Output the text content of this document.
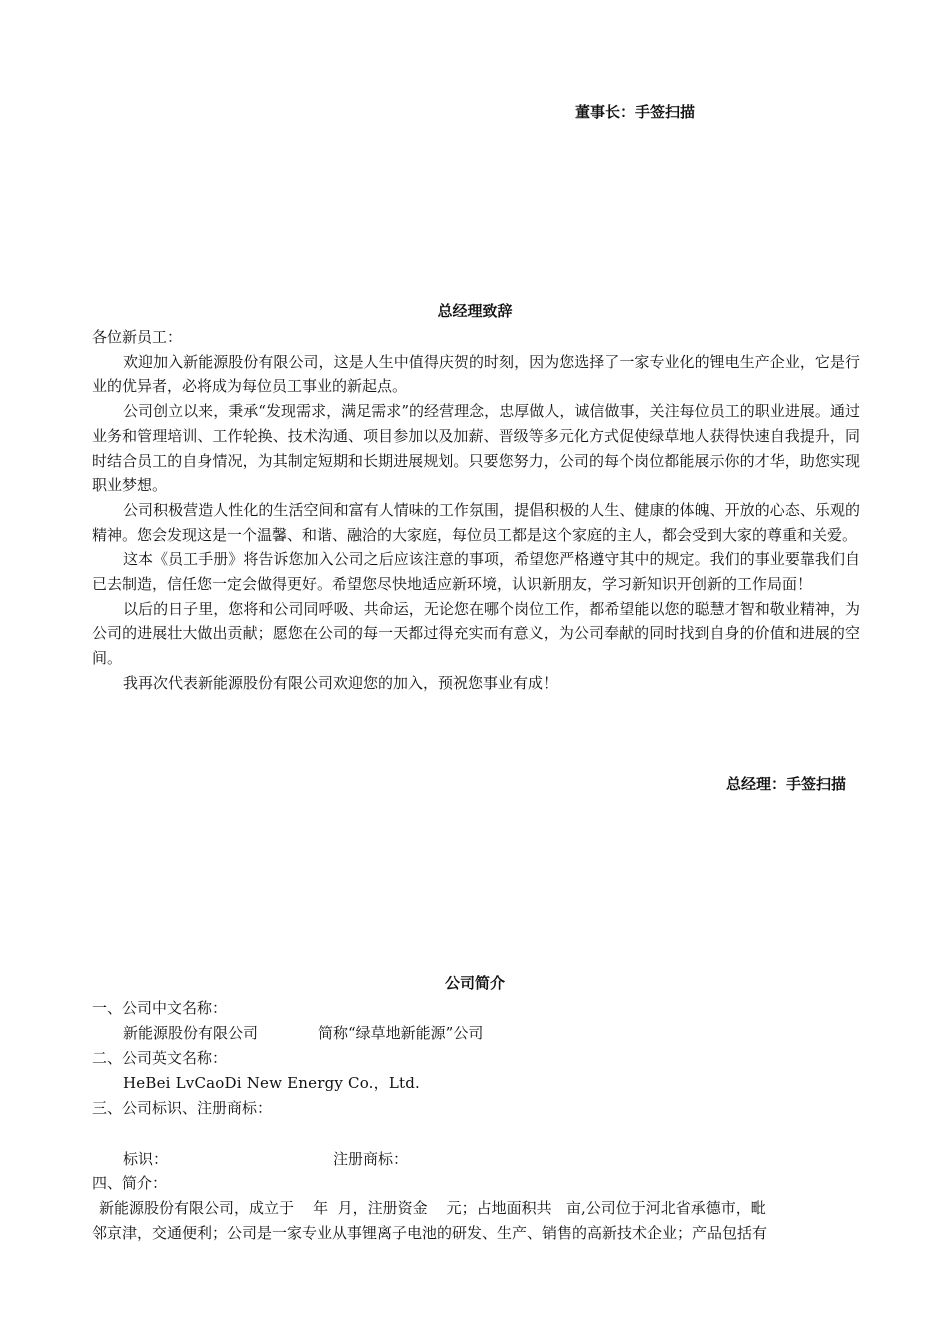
董事长：手签扫描
总经理致辞

各位新员工：

欢迎加入新能源股份有限公司，这是人生中值得庆贺的时刻，因为您选择了一家专业化的锂电生产企业，它是行业的优异者，必将成为每位员工事业的新起点。

公司创立以来，秉承“发现需求，满足需求”的经营理念，忠厚做人，诚信做事，关注每位员工的职业进展。通过业务和管理培训、工作轮换、技术沟通、项目参加以及加薪、晋级等多元化方式促使绿草地人获得快速自我提升，同时结合员工的自身情况，为其制定短期和长期进展规划。只要您努力，公司的每个岗位都能展示你的才华，助您实现职业梦想。

公司积极营造人性化的生活空间和富有人情味的工作氛围，提倡积极的人生、健康的体魄、开放的心态、乐观的精神。您会发现这是一个温馨、和谐、融洽的大家庭，每位员工都是这个家庭的主人，都会受到大家的尊重和关爱。

这本《员工手册》将告诉您加入公司之后应该注意的事项，希望您严格遵守其中的规定。我们的事业要靠我们自已去制造，信任您一定会做得更好。希望您尽快地适应新环境，认识新朋友，学习新知识开创新的工作局面！

以后的日子里，您将和公司同呼吸、共命运，无论您在哪个岗位工作，都希望能以您的聪慧才智和敬业精神，为公司的进展壮大做出贡献；愿您在公司的每一天都过得充实而有意义，为公司奉献的同时找到自身的价值和进展的空间。

我再次代表新能源股份有限公司欢迎您的加入，预祝您事业有成！

总经理：手签扫描
公司简介
一、公司中文名称：
新能源股份有限公司	简称“绿草地新能源”公司
二、公司英文名称：
HeBei LvCaoDi New Energy Co.，Ltd.
三、公司标识、注册商标：
标识：	注册商标：
四、简介：
新能源股份有限公司，成立于    年  月，注册资金    元；占地面积共   亩,公司位于河北省承德市，毗
邻京津，交通便利；公司是一家专业从事锂离子电池的研发、生产、销售的高新技术企业；产品包括有
